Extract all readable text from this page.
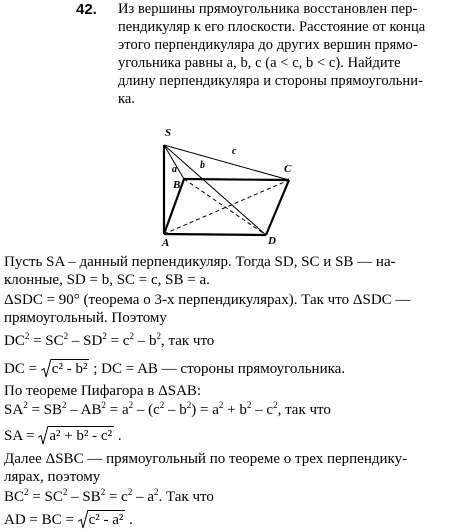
42. Из вершины прямоугольника восстановлен пер-
пендикуляр к его плоскости. Расстояние от конца
этого перпендикуляра до других вершин прямо-
угольника равны a, b, c (a < c, b < c). Найдите
длину перпендикуляра и стороны прямоугольни-
ка.
S
A
B
C
D
a b
c
Пусть SA – данный перпендикуляр. Тогда SD, SC и SB — на-
клонные, SD = b, SC = c, SB = a.
ΔSDC = 90° (теорема о 3-х перпендикулярах). Так что ΔSDC —
прямоугольный. Поэтому
$DC^2 = SC^2 - SD^2 = c^2 - b^2$, так что
DC =
c² - b² ; DC = AB — стороны прямоугольника.
По теореме Пифагора в ΔSAB:
$SA^2 = SB^2 - AB^2 = a^2 - (c^2 - b^2) = a^2 + b^2 - c^2$, так что
SA =
a² + b² - c² .
Далее ΔSBC — прямоугольный по теореме о трех перпендику-
лярах, поэтому
$BC^2 = SC^2 - SB^2 = c^2 - a^2$. Так что
AD = BC =
c² - a² .
